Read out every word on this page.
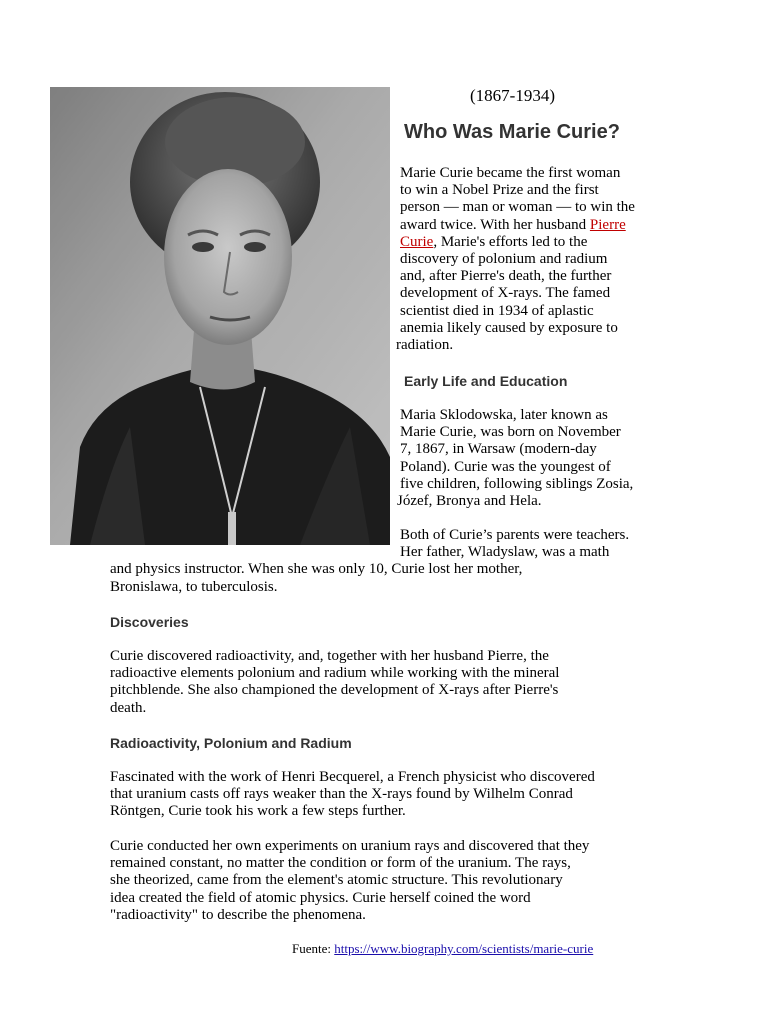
(1867-1934)
Who Was Marie Curie?
Marie Curie became the first woman
to win a Nobel Prize and the first
person — man or woman — to win the
award twice. With her husband Pierre
Curie, Marie's efforts led to the
discovery of polonium and radium
and, after Pierre's death, the further
development of X-rays. The famed
scientist died in 1934 of aplastic
anemia likely caused by exposure to
radiation.
Early Life and Education
Maria Sklodowska, later known as
Marie Curie, was born on November
7, 1867, in Warsaw (modern-day
Poland). Curie was the youngest of
five children, following siblings Zosia,
Józef, Bronya and Hela.
Both of Curie’s parents were teachers.
Her father, Wladyslaw, was a math
and physics instructor. When she was only 10, Curie lost her mother,
Bronislawa, to tuberculosis.
Discoveries
Curie discovered radioactivity, and, together with her husband Pierre, the
radioactive elements polonium and radium while working with the mineral
pitchblende. She also championed the development of X-rays after Pierre's
death.
Radioactivity, Polonium and Radium
Fascinated with the work of Henri Becquerel, a French physicist who discovered
that uranium casts off rays weaker than the X-rays found by Wilhelm Conrad
Röntgen, Curie took his work a few steps further.
Curie conducted her own experiments on uranium rays and discovered that they
remained constant, no matter the condition or form of the uranium. The rays,
she theorized, came from the element's atomic structure. This revolutionary
idea created the field of atomic physics. Curie herself coined the word
"radioactivity" to describe the phenomena.
Fuente: https://www.biography.com/scientists/marie-curie
